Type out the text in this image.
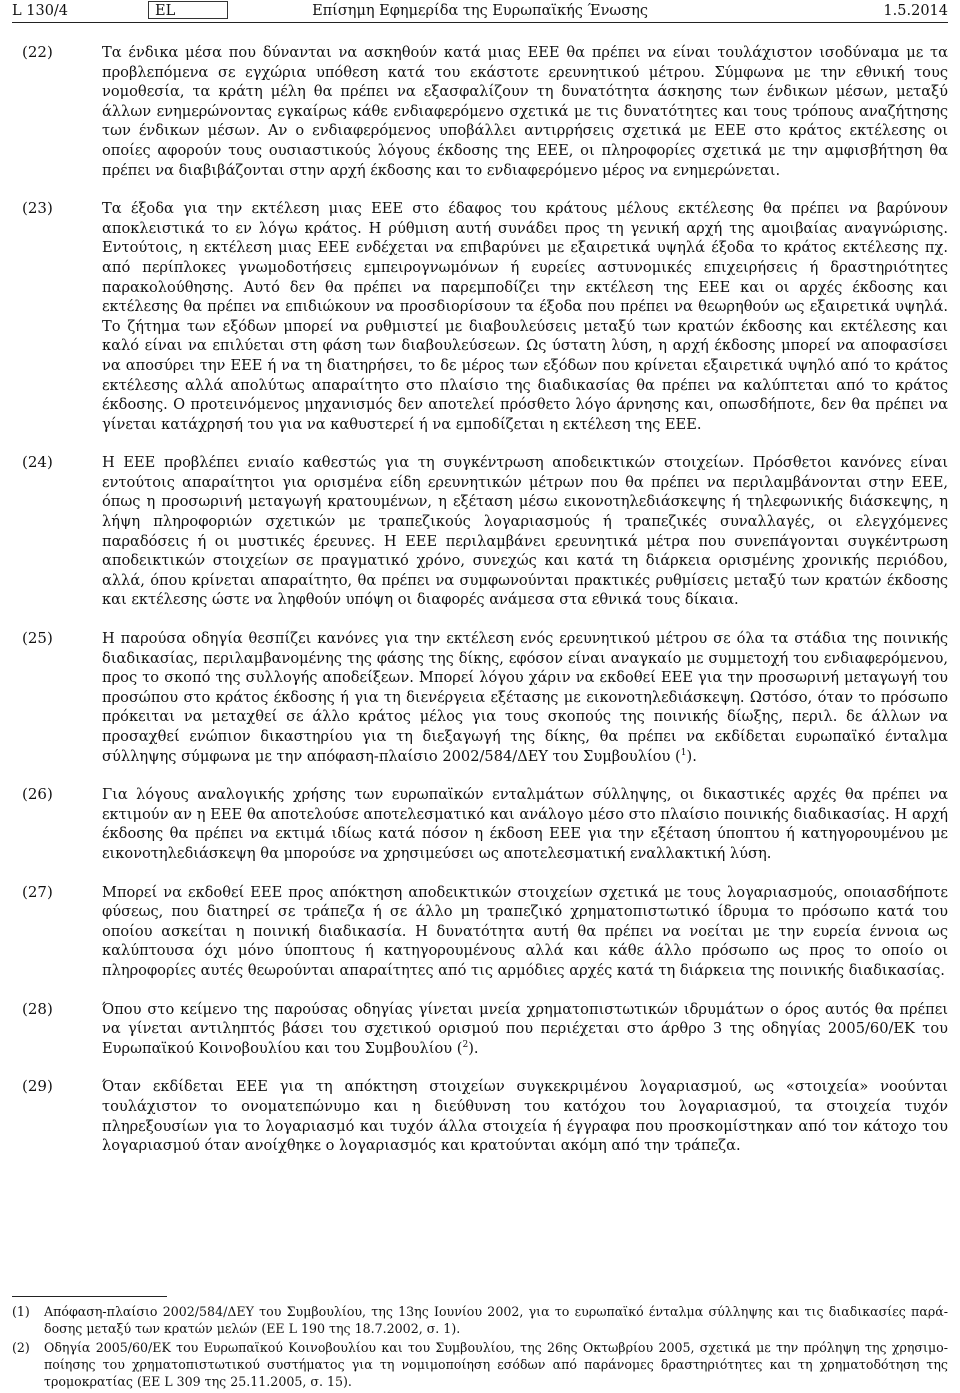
L 130/4	EL	Επίσημη Εφημερίδα της Ευρωπαϊκής Ένωσης	1.5.2014
(22)	Τα ένδικα μέσα που δύνανται να ασκηθούν κατά μιας ΕΕΕ θα πρέπει να είναι τουλάχιστον ισοδύναμα με τα προβλεπόμενα σε εγχώρια υπόθεση κατά του εκάστοτε ερευνητικού μέτρου. Σύμφωνα με την εθνική τους νομοθεσία, τα κράτη μέλη θα πρέπει να εξασφαλίζουν τη δυνατότητα άσκησης των ένδικων μέσων, μεταξύ άλλων ενημερώνοντας εγκαίρως κάθε ενδιαφερόμενο σχετικά με τις δυνατότητες και τους τρόπους αναζήτησης των ένδικων μέσων. Αν ο ενδιαφερόμενος υποβάλλει αντιρρήσεις σχετικά με ΕΕΕ στο κράτος εκτέλεσης οι οποίες αφορούν τους ουσιαστικούς λόγους έκδοσης της ΕΕΕ, οι πληροφορίες σχετικά με την αμφισβήτηση θα πρέπει να διαβιβάζονται στην αρχή έκδοσης και το ενδιαφερόμενο μέρος να ενημερώνεται.

(23)	Τα έξοδα για την εκτέλεση μιας ΕΕΕ στο έδαφος του κράτους μέλους εκτέλεσης θα πρέπει να βαρύνουν αποκλειστικά το εν λόγω κράτος. Η ρύθμιση αυτή συνάδει προς τη γενική αρχή της αμοιβαίας αναγνώρισης. Εντούτοις, η εκτέλεση μιας ΕΕΕ ενδέχεται να επιβαρύνει με εξαιρετικά υψηλά έξοδα το κράτος εκτέλεσης πχ. από περίπλοκες γνωμοδοτήσεις εμπειρογνωμόνων ή ευρείες αστυνομικές επιχειρήσεις ή δραστηριότητες παρακολούθησης. Αυτό δεν θα πρέπει να παρεμποδίζει την εκτέλεση της ΕΕΕ και οι αρχές έκδοσης και εκτέλεσης θα πρέπει να επιδιώκουν να προσδιορίσουν τα έξοδα που πρέπει να θεωρηθούν ως εξαιρετικά υψηλά. Το ζήτημα των εξόδων μπορεί να ρυθμιστεί με διαβουλεύσεις μεταξύ των κρατών έκδοσης και εκτέλεσης και καλό είναι να επιλύεται στη φάση των διαβουλεύσεων. Ως ύστατη λύση, η αρχή έκδοσης μπορεί να αποφασίσει να αποσύρει την ΕΕΕ ή να τη διατηρήσει, το δε μέρος των εξόδων που κρίνεται εξαιρετικά υψηλό από το κράτος εκτέλεσης αλλά απολύτως απαραίτητο στο πλαίσιο της διαδικασίας θα πρέπει να καλύπτεται από το κράτος έκδοσης. Ο προτεινόμενος μηχανισμός δεν αποτελεί πρόσθετο λόγο άρνησης και, οπωσδήποτε, δεν θα πρέπει να γίνεται κατάχρησή του για να καθυστερεί ή να εμποδίζεται η εκτέλεση της ΕΕΕ.

(24)	Η ΕΕΕ προβλέπει ενιαίο καθεστώς για τη συγκέντρωση αποδεικτικών στοιχείων. Πρόσθετοι κανόνες είναι εντούτοις απαραίτητοι για ορισμένα είδη ερευνητικών μέτρων που θα πρέπει να περιλαμβάνονται στην ΕΕΕ, όπως η προσωρινή μεταγωγή κρατουμένων, η εξέταση μέσω εικονοτηλεδιάσκεψης ή τηλεφωνικής διάσκεψης, η λήψη πληροφοριών σχετικών με τραπεζικούς λογαριασμούς ή τραπεζικές συναλλαγές, οι ελεγχόμενες παραδόσεις ή οι μυστικές έρευνες. Η ΕΕΕ περιλαμβάνει ερευνητικά μέτρα που συνεπάγονται συγκέντρωση αποδεικτικών στοιχείων σε πραγματικό χρόνο, συνεχώς και κατά τη διάρκεια ορισμένης χρονικής περιόδου, αλλά, όπου κρίνεται απαραίτητο, θα πρέπει να συμφωνούνται πρακτικές ρυθμίσεις μεταξύ των κρατών έκδοσης και εκτέλεσης ώστε να ληφθούν υπόψη οι διαφορές ανάμεσα στα εθνικά τους δίκαια.

(25)	Η παρούσα οδηγία θεσπίζει κανόνες για την εκτέλεση ενός ερευνητικού μέτρου σε όλα τα στάδια της ποινικής διαδικασίας, περιλαμβανομένης της φάσης της δίκης, εφόσον είναι αναγκαίο με συμμετοχή του ενδιαφερόμενου, προς το σκοπό της συλλογής αποδείξεων. Μπορεί λόγου χάριν να εκδοθεί ΕΕΕ για την προσωρινή μεταγωγή του προσώπου στο κράτος έκδοσης ή για τη διενέργεια εξέτασης με εικονοτηλεδιάσκεψη. Ωστόσο, όταν το πρόσωπο πρόκειται να μεταχθεί σε άλλο κράτος μέλος για τους σκοπούς της ποινικής δίωξης, περιλ. δε άλλων να προσαχθεί ενώπιον δικαστηρίου για τη διεξαγωγή της δίκης, θα πρέπει να εκδίδεται ευρωπαϊκό ένταλμα σύλληψης σύμφωνα με την απόφαση-πλαίσιο 2002/584/ΔΕΥ του Συμβουλίου ($^1$).

(26)	Για λόγους αναλογικής χρήσης των ευρωπαϊκών ενταλμάτων σύλληψης, οι δικαστικές αρχές θα πρέπει να εκτιμούν αν η ΕΕΕ θα αποτελούσε αποτελεσματικό και ανάλογο μέσο στο πλαίσιο ποινικής διαδικασίας. Η αρχή έκδοσης θα πρέπει να εκτιμά ιδίως κατά πόσον η έκδοση ΕΕΕ για την εξέταση ύποπτου ή κατηγορουμένου με εικονοτηλεδιάσκεψη θα μπορούσε να χρησιμεύσει ως αποτελεσματική εναλλακτική λύση.

(27)	Μπορεί να εκδοθεί ΕΕΕ προς απόκτηση αποδεικτικών στοιχείων σχετικά με τους λογαριασμούς, οποιασδήποτε φύσεως, που διατηρεί σε τράπεζα ή σε άλλο μη τραπεζικό χρηματοπιστωτικό ίδρυμα το πρόσωπο κατά του οποίου ασκείται η ποινική διαδικασία. Η δυνατότητα αυτή θα πρέπει να νοείται με την ευρεία έννοια ως καλύπτουσα όχι μόνο ύποπτους ή κατηγορουμένους αλλά και κάθε άλλο πρόσωπο ως προς το οποίο οι πληροφορίες αυτές θεωρούνται απαραίτητες από τις αρμόδιες αρχές κατά τη διάρκεια της ποινικής διαδικασίας.

(28)	Όπου στο κείμενο της παρούσας οδηγίας γίνεται μνεία χρηματοπιστωτικών ιδρυμάτων ο όρος αυτός θα πρέπει να γίνεται αντιληπτός βάσει του σχετικού ορισμού που περιέχεται στο άρθρο 3 της οδηγίας 2005/60/ΕΚ του Ευρωπαϊκού Κοινοβουλίου και του Συμβουλίου ($^2$).

(29)	Όταν εκδίδεται ΕΕΕ για τη απόκτηση στοιχείων συγκεκριμένου λογαριασμού, ως «στοιχεία» νοούνται τουλάχιστον το ονοματεπώνυμο και η διεύθυνση του κατόχου του λογαριασμού, τα στοιχεία τυχόν πληρεξουσίων για το λογαριασμό και τυχόν άλλα στοιχεία ή έγγραφα που προσκομίστηκαν από τον κάτοχο του λογαριασμού όταν ανοίχθηκε ο λογαριασμός και κρατούνται ακόμη από την τράπεζα.

(1) Απόφαση-πλαίσιο 2002/584/ΔΕΥ του Συμβουλίου, της 13ης Ιουνίου 2002, για το ευρωπαϊκό ένταλμα σύλληψης και τις διαδικασίες παράδοσης μεταξύ των κρατών μελών (ΕΕ L 190 της 18.7.2002, σ. 1).
(2) Οδηγία 2005/60/ΕΚ του Ευρωπαϊκού Κοινοβουλίου και του Συμβουλίου, της 26ης Οκτωβρίου 2005, σχετικά με την πρόληψη της χρησιμοποίησης του χρηματοπιστωτικού συστήματος για τη νομιμοποίηση εσόδων από παράνομες δραστηριότητες και τη χρηματοδότηση της τρομοκρατίας (ΕΕ L 309 της 25.11.2005, σ. 15).
